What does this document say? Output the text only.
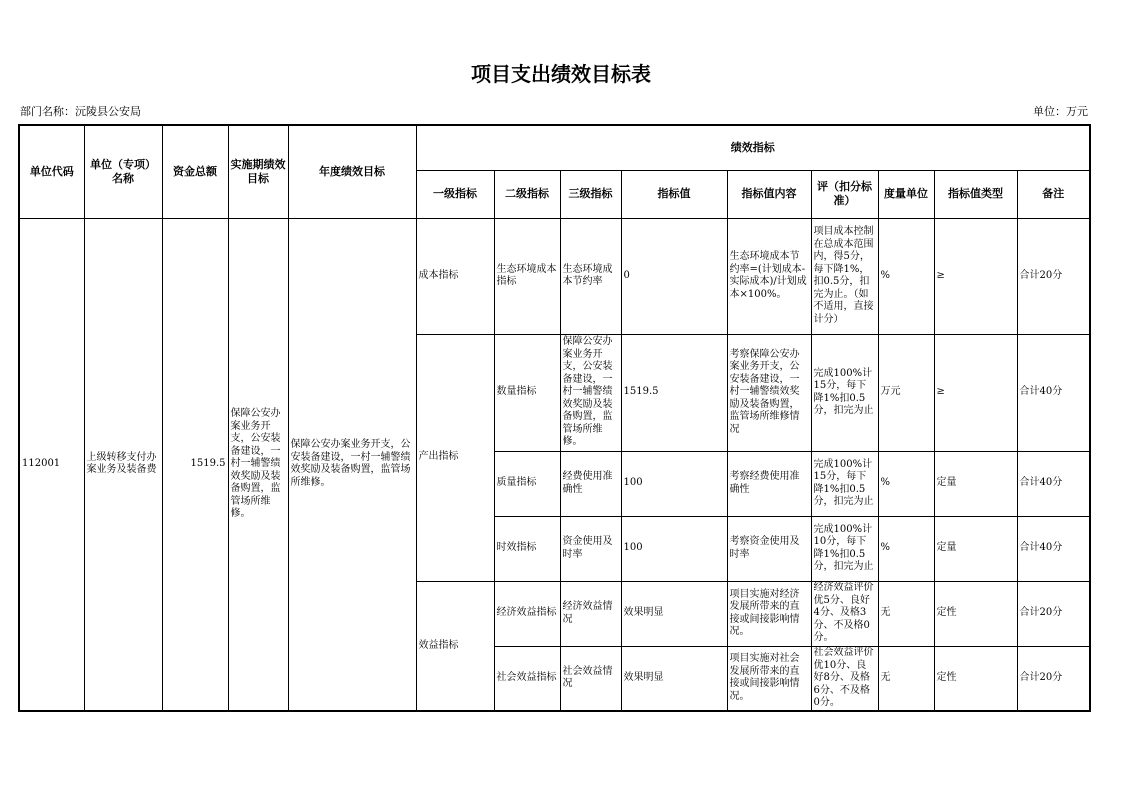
项目支出绩效目标表
部门名称：沅陵县公安局	单位：万元
单位代码	单位（专项）名称	资金总额	实施期绩效目标	年度绩效目标	绩效指标								
					一级指标	二级指标	三级指标	指标值	指标值内容	评（扣分标准）	度量单位	指标值类型	备注
112001	上级转移支付办案业务及装备费	1519.5	保障公安办案业务开支，公安装备建设，一村一辅警绩效奖励及装备购置，监管场所维修。	保障公安办案业务开支，公安装备建设，一村一辅警绩效奖励及装备购置，监管场所维修。	成本指标	生态环境成本指标	生态环境成本节约率	0	生态环境成本节约率=(计划成本-实际成本)/计划成本×100%。	项目成本控制在总成本范围内，得5分，每下降1%，扣0.5分，扣完为止。（如不适用，直接计分）	%	≥	合计20分
					产出指标	数量指标	保障公安办案业务开支，公安装备建设，一村一辅警绩效奖励及装备购置，监管场所维修。	1519.5	考察保障公安办案业务开支，公安装备建设，一村一辅警绩效奖励及装备购置，监管场所维修情况	完成100%计15分，每下降1%扣0.5分，扣完为止	万元	≥	合计40分
						质量指标	经费使用准确性	100	考察经费使用准确性	完成100%计15分，每下降1%扣0.5分，扣完为止	%	定量	合计40分
						时效指标	资金使用及时率	100	考察资金使用及时率	完成100%计10分，每下降1%扣0.5分，扣完为止	%	定量	合计40分
					效益指标	经济效益指标	经济效益情况	效果明显	项目实施对经济发展所带来的直接或间接影响情况。	经济效益评价优5分、良好4分、及格3分、不及格0分。	无	定性	合计20分
						社会效益指标	社会效益情况	效果明显	项目实施对社会发展所带来的直接或间接影响情况。	社会效益评价优10分、良好8分、及格6分、不及格0分。	无	定性	合计20分
